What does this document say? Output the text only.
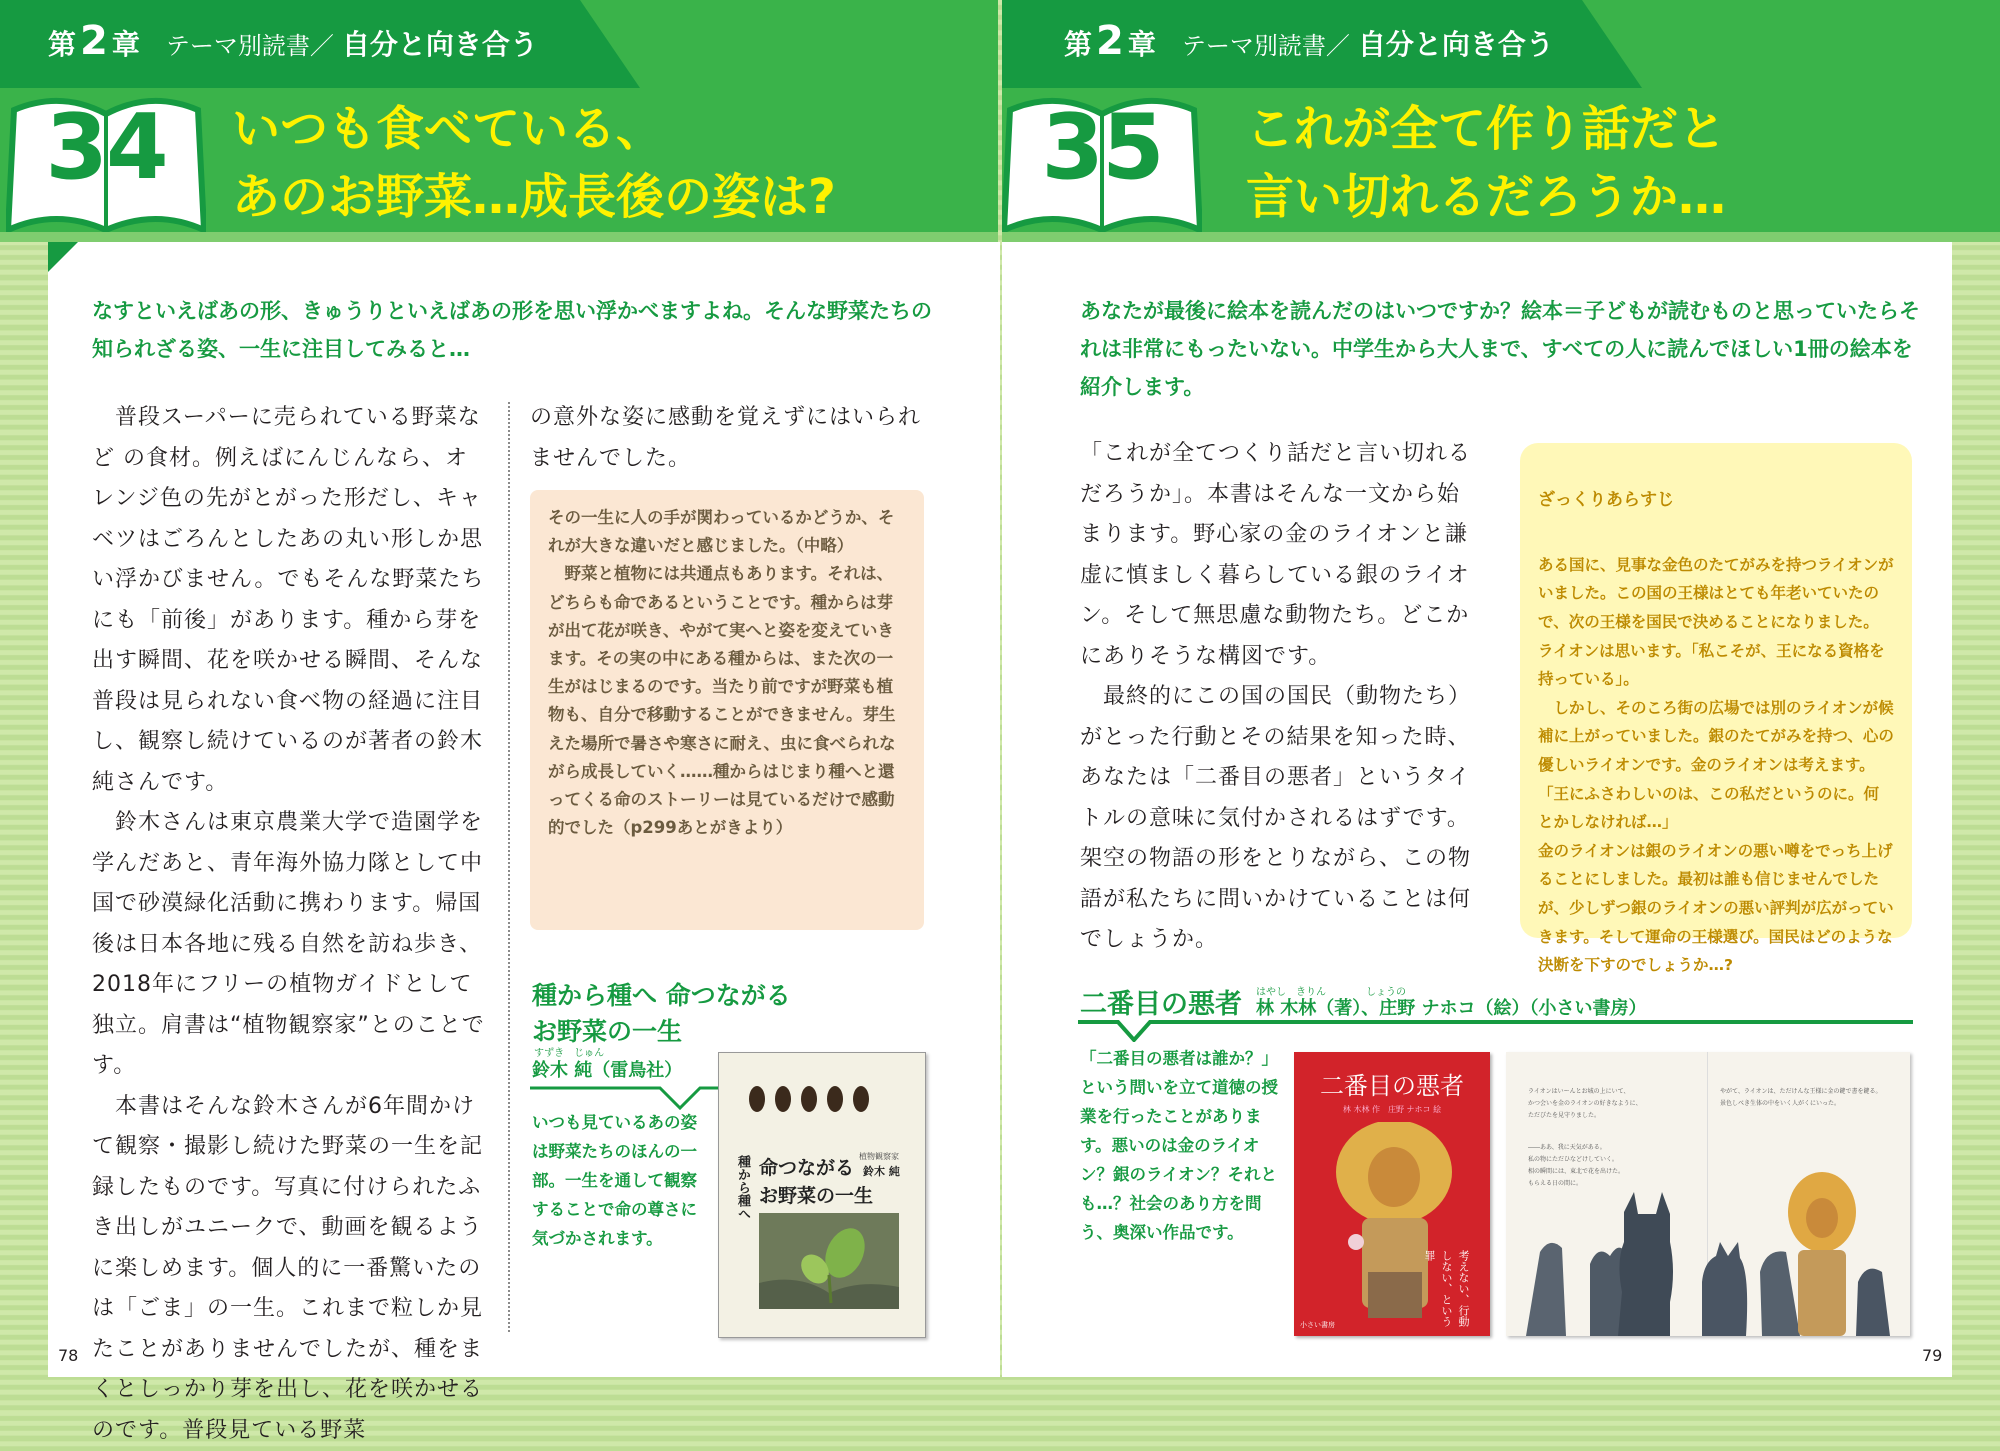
第 2 章 テーマ別読書／ 自分と向き合う
34	いつも食べている、
あのお野菜…成長後の姿は?
なすといえばあの形、きゅうりといえばあの形を思い浮かべますよね。そんな野菜たちの知られざる姿、一生に注目してみると…
　普段スーパーに売られている野菜など の食材。例えばにんじんなら、オレンジ色の先がとがった形だし、キャベツはごろんとしたあの丸い形しか思い浮かびません。でもそんな野菜たちにも「前後」があります。種から芽を出す瞬間、花を咲かせる瞬間、そんな普段は見られない食べ物の経過に注目し、観察し続けているのが著者の鈴木純さんです。
　鈴木さんは東京農業大学で造園学を学んだあと、青年海外協力隊として中国で砂漠緑化活動に携わります。帰国後は日本各地に残る自然を訪ね歩き、2018年にフリーの植物ガイドとして独立。肩書は“植物観察家”とのことです。
　本書はそんな鈴木さんが6年間かけて観察・撮影し続けた野菜の一生を記録したものです。写真に付けられたふき出しがユニークで、動画を観るように楽しめます。個人的に一番驚いたのは「ごま」の一生。これまで粒しか見たことがありませんでしたが、種をまくとしっかり芽を出し、花を咲かせるのです。普段見ている野菜
の意外な姿に感動を覚えずにはいられませんでした。
その一生に人の手が関わっているかどうか、それが大きな違いだと感じました。（中略）
　野菜と植物には共通点もあります。それは、どちらも命であるということです。種からは芽が出て花が咲き、やがて実へと姿を変えていきます。その実の中にある種からは、また次の一生がはじまるのです。当たり前ですが野菜も植物も、自分で移動することができません。芽生えた場所で暑さや寒さに耐え、虫に食べられながら成長していく……種からはじまり種へと還ってくる命のストーリーは見ているだけで感動的でした（p299あとがきより）
種から種へ 命つながる
お野菜の一生
すずき　じゅん
鈴木 純（雷鳥社）
いつも見ているあの姿は野菜たちのほんの一部。一生を通して観察することで命の尊さに気づかされます。
種から種へ 命つながる
お野菜の一生
植物観察家
鈴木 純
78
第 2 章 テーマ別読書／ 自分と向き合う
35	これが全て作り話だと
言い切れるだろうか…
あなたが最後に絵本を読んだのはいつですか？絵本＝子どもが読むものと思っていたらそれは非常にもったいない。中学生から大人まで、すべての人に読んでほしい1冊の絵本を紹介します。
「これが全てつくり話だと言い切れるだろうか」。本書はそんな一文から始まります。野心家の金のライオンと謙虚に慎ましく暮らしている銀のライオン。そして無思慮な動物たち。どこかにありそうな構図です。
　最終的にこの国の国民（動物たち）がとった行動とその結果を知った時、あなたは「二番目の悪者」というタイトルの意味に気付かされるはずです。架空の物語の形をとりながら、この物語が私たちに問いかけていることは何でしょうか。

ざっくりあらすじ

ある国に、見事な金色のたてがみを持つライオンがいました。この国の王様はとても年老いていたので、次の王様を国民で決めることになりました。ライオンは思います。「私こそが、王になる資格を持っている」。
　しかし、そのころ街の広場では別のライオンが候補に上がっていました。銀のたてがみを持つ、心の優しいライオンです。金のライオンは考えます。「王にふさわしいのは、この私だというのに。何とかしなければ…」
金のライオンは銀のライオンの悪い噂をでっち上げることにしました。最初は誰も信じませんでしたが、少しずつ銀のライオンの悪い評判が広がっていきます。そして運命の王様選び。国民はどのような決断を下すのでしょうか…?

はやし　きりん　　　　しょうの
二番目の悪者 林 木林（著）、庄野 ナホコ（絵）（小さい書房）
「二番目の悪者は誰か？」という問いを立て道徳の授業を行ったことがあります。悪いのは金のライオン？銀のライオン？それとも…？社会のあり方を問う、奥深い作品です。
二番目の悪者
林 木林 作　庄野 ナホコ 絵
考えない、行動しない、という罪
小さい書房
ライオンはいーんとお城の上にいて、
かつ会いを金のライオンの好きなように、
ただびたを見守りました。
やがて、ライオンは、ただけんな王様に金の鍵で書を鍵る。
景色しべき生体の中をいく人がくにいった。
――ああ、我に天気がある。
私の物にただひなどけしていく。
相の瞬間には、東北で花を出けた。
もらえる日の間に。
79
